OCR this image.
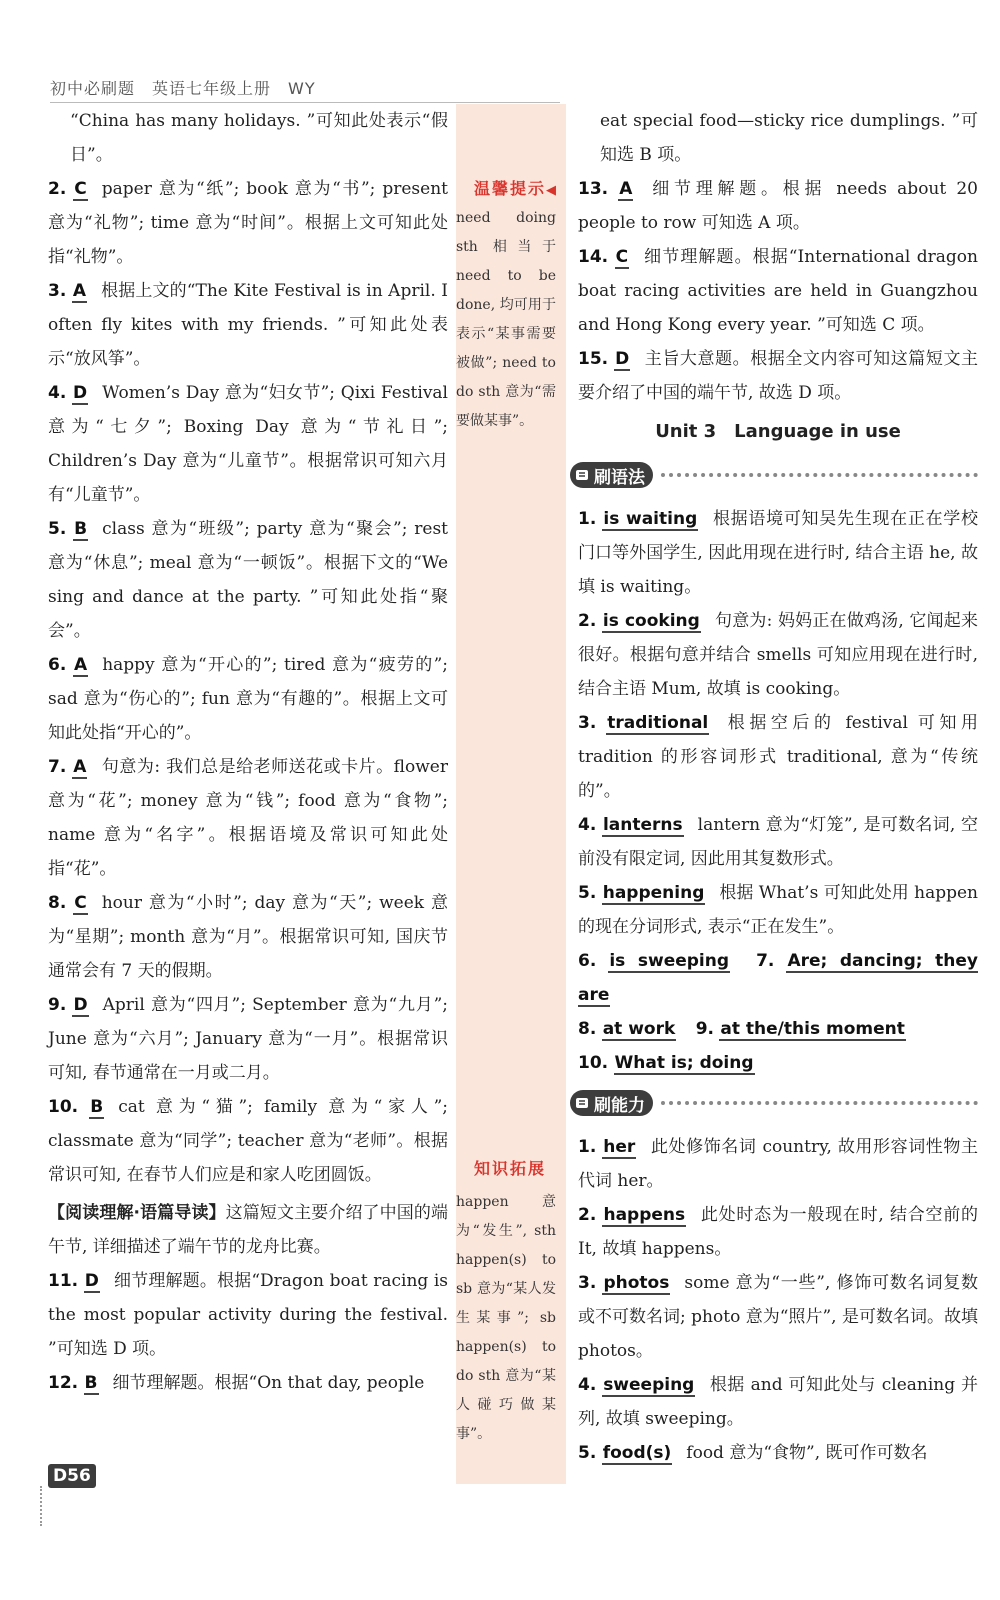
初中必刷题　英语七年级上册　WY

“China has many holidays. ”可知此处表示“假日”。

2. C paper 意为“纸”; book 意为“书”; present 意为“礼物”; time 意为“时间”。根据上文可知此处指“礼物”。

3. A 根据上文的“The Kite Festival is in April. I often fly kites with my friends. ”可知此处表示“放风筝”。

4. D Women’s Day 意为“妇女节”; Qixi Festival 意为“七夕”; Boxing Day 意为“节礼日”; Children’s Day 意为“儿童节”。根据常识可知六月有“儿童节”。

5. B class 意为“班级”; party 意为“聚会”; rest 意为“休息”; meal 意为“一顿饭”。根据下文的“We sing and dance at the party. ”可知此处指“聚会”。

6. A happy 意为“开心的”; tired 意为“疲劳的”; sad 意为“伤心的”; fun 意为“有趣的”。根据上文可知此处指“开心的”。

7. A 句意为: 我们总是给老师送花或卡片。flower 意为“花”; money 意为“钱”; food 意为“食物”; name 意为“名字”。根据语境及常识可知此处指“花”。

8. C hour 意为“小时”; day 意为“天”; week 意为“星期”; month 意为“月”。根据常识可知, 国庆节通常会有 7 天的假期。

9. D April 意为“四月”; September 意为“九月”; June 意为“六月”; January 意为“一月”。根据常识可知, 春节通常在一月或二月。

10. B cat 意为“猫”; family 意为“家人”; classmate 意为“同学”; teacher 意为“老师”。根据常识可知, 在春节人们应是和家人吃团圆饭。

【阅读理解·语篇导读】这篇短文主要介绍了中国的端午节, 详细描述了端午节的龙舟比赛。

11. D 细节理解题。根据“Dragon boat racing is the most popular activity during the festival. ”可知选 D 项。

12. B 细节理解题。根据“On that day, people

温馨提示◀
need doing sth 相当于 need to be done, 均可用于表示“某事需要被做”; need to do sth 意为“需要做某事”。
知识拓展
happen 意为“发生”, sth happen(s) to sb 意为“某人发生某事”; sb happen(s) to do sth 意为“某人碰巧做某事”。

eat special food—sticky rice dumplings. ”可知选 B 项。

13. A 细节理解题。根据 needs about 20 people to row 可知选 A 项。

14. C 细节理解题。根据“International dragon boat racing activities are held in Guangzhou and Hong Kong every year. ”可知选 C 项。

15. D 主旨大意题。根据全文内容可知这篇短文主要介绍了中国的端午节, 故选 D 项。

Unit 3　Language in use
刷语法

1. is waiting 根据语境可知吴先生现在正在学校门口等外国学生, 因此用现在进行时, 结合主语 he, 故填 is waiting。

2. is cooking 句意为: 妈妈正在做鸡汤, 它闻起来很好。根据句意并结合 smells 可知应用现在进行时, 结合主语 Mum, 故填 is cooking。

3. traditional 根据空后的 festival 可知用 tradition 的形容词形式 traditional, 意为“传统的”。

4. lanterns lantern 意为“灯笼”, 是可数名词, 空前没有限定词, 因此用其复数形式。

5. happening 根据 What’s 可知此处用 happen 的现在分词形式, 表示“正在发生”。

6. is sweeping 7. Are; dancing; they are

8. at work 9. at the/this moment

10. What is; doing

刷能力

1. her 此处修饰名词 country, 故用形容词性物主代词 her。

2. happens 此处时态为一般现在时, 结合空前的 It, 故填 happens。

3. photos some 意为“一些”, 修饰可数名词复数或不可数名词; photo 意为“照片”, 是可数名词。故填 photos。

4. sweeping 根据 and 可知此处与 cleaning 并列, 故填 sweeping。

5. food(s) food 意为“食物”, 既可作可数名

D56
